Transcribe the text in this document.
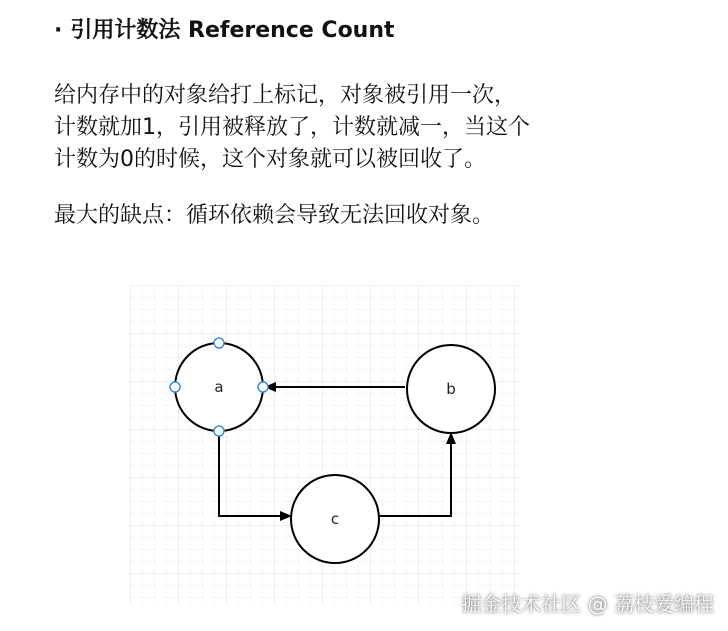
· 引用计数法 Reference Count
给内存中的对象给打上标记，对象被引用一次，
计数就加1，引用被释放了，计数就减一，当这个
计数为0的时候，这个对象就可以被回收了。
最大的缺点：循环依赖会导致无法回收对象。
a	b
c
掘金技术社区 @ 荔枝爱编程
